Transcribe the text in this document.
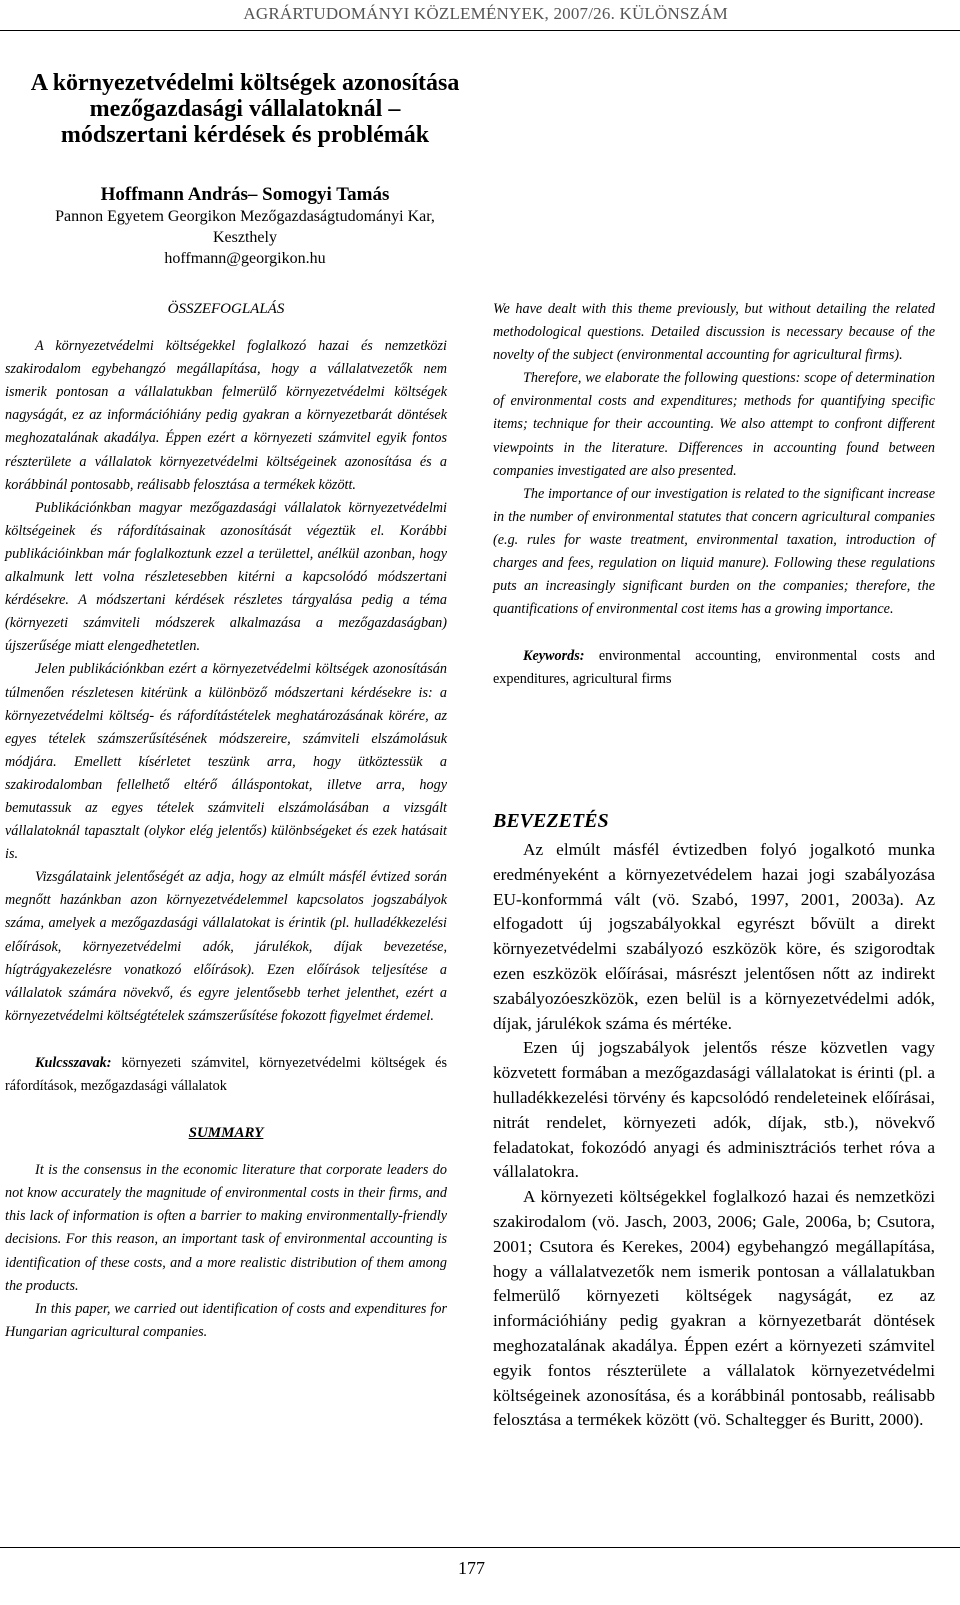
AGRÁRTUDOMÁNYI KÖZLEMÉNYEK, 2007/26. KÜLÖNSZÁM
A környezetvédelmi költségek azonosítása
mezőgazdasági vállalatoknál –
módszertani kérdések és problémák
Hoffmann András– Somogyi Tamás
Pannon Egyetem Georgikon Mezőgazdaságtudományi Kar,
Keszthely
hoffmann@georgikon.hu
ÖSSZEFOGLALÁS

A környezetvédelmi költségekkel foglalkozó hazai és nemzetközi szakirodalom egybehangzó megállapítása, hogy a vállalatvezetők nem ismerik pontosan a vállalatukban felmerülő környezetvédelmi költségek nagyságát, ez az információhiány pedig gyakran a környezetbarát döntések meghozatalának akadálya. Éppen ezért a környezeti számvitel egyik fontos részterülete a vállalatok környezetvédelmi költségeinek azonosítása és a korábbinál pontosabb, reálisabb felosztása a termékek között.

Publikációnkban magyar mezőgazdasági vállalatok környezetvédelmi költségeinek és ráfordításainak azonosítását végeztük el. Korábbi publikációinkban már foglalkoztunk ezzel a területtel, anélkül azonban, hogy alkalmunk lett volna részletesebben kitérni a kapcsolódó módszertani kérdésekre. A módszertani kérdések részletes tárgyalása pedig a téma (környezeti számviteli módszerek alkalmazása a mezőgazdaságban) újszerűsége miatt elengedhetetlen.

Jelen publikációnkban ezért a környezetvédelmi költségek azonosításán túlmenően részletesen kitérünk a különböző módszertani kérdésekre is: a környezetvédelmi költség- és ráfordítástételek meghatározásának körére, az egyes tételek számszerűsítésének módszereire, számviteli elszámolásuk módjára. Emellett kísérletet teszünk arra, hogy ütköztessük a szakirodalomban fellelhető eltérő álláspontokat, illetve arra, hogy bemutassuk az egyes tételek számviteli elszámolásában a vizsgált vállalatoknál tapasztalt (olykor elég jelentős) különbségeket és ezek hatásait is.

Vizsgálataink jelentőségét az adja, hogy az elmúlt másfél évtized során megnőtt hazánkban azon környezetvédelemmel kapcsolatos jogszabályok száma, amelyek a mezőgazdasági vállalatokat is érintik (pl. hulladékkezelési előírások, környezetvédelmi adók, járulékok, díjak bevezetése, hígtrágyakezelésre vonatkozó előírások). Ezen előírások teljesítése a vállalatok számára növekvő, és egyre jelentősebb terhet jelenthet, ezért a környezetvédelmi költségtételek számszerűsítése fokozott figyelmet érdemel.

Kulcsszavak: környezeti számvitel, környezetvédelmi költségek és ráfordítások, mezőgazdasági vállalatok

SUMMARY

It is the consensus in the economic literature that corporate leaders do not know accurately the magnitude of environmental costs in their firms, and this lack of information is often a barrier to making environmentally-friendly decisions. For this reason, an important task of environmental accounting is identification of these costs, and a more realistic distribution of them among the products.

In this paper, we carried out identification of costs and expenditures for Hungarian agricultural companies.

We have dealt with this theme previously, but without detailing the related methodological questions. Detailed discussion is necessary because of the novelty of the subject (environmental accounting for agricultural firms).

Therefore, we elaborate the following questions: scope of determination of environmental costs and expenditures; methods for quantifying specific items; technique for their accounting. We also attempt to confront different viewpoints in the literature. Differences in accounting found between companies investigated are also presented.

The importance of our investigation is related to the significant increase in the number of environmental statutes that concern agricultural companies (e.g. rules for waste treatment, environmental taxation, introduction of charges and fees, regulation on liquid manure). Following these regulations puts an increasingly significant burden on the companies; therefore, the quantifications of environmental cost items has a growing importance.

Keywords: environmental accounting, environmental costs and expenditures, agricultural firms

BEVEZETÉS

Az elmúlt másfél évtizedben folyó jogalkotó munka eredményeként a környezetvédelem hazai jogi szabályozása EU-konformmá vált (vö. Szabó, 1997, 2001, 2003a). Az elfogadott új jogszabályokkal egyrészt bővült a direkt környezetvédelmi szabályozó eszközök köre, és szigorodtak ezen eszközök előírásai, másrészt jelentősen nőtt az indirekt szabályozóeszközök, ezen belül is a környezetvédelmi adók, díjak, járulékok száma és mértéke.

Ezen új jogszabályok jelentős része közvetlen vagy közvetett formában a mezőgazdasági vállalatokat is érinti (pl. a hulladékkezelési törvény és kapcsolódó rendeleteinek előírásai, nitrát rendelet, környezeti adók, díjak, stb.), növekvő feladatokat, fokozódó anyagi és adminisztrációs terhet róva a vállalatokra.

A környezeti költségekkel foglalkozó hazai és nemzetközi szakirodalom (vö. Jasch, 2003, 2006; Gale, 2006a, b; Csutora, 2001; Csutora és Kerekes, 2004) egybehangzó megállapítása, hogy a vállalatvezetők nem ismerik pontosan a vállalatukban felmerülő környezeti költségek nagyságát, ez az információhiány pedig gyakran a környezetbarát döntések meghozatalának akadálya. Éppen ezért a környezeti számvitel egyik fontos részterülete a vállalatok környezetvédelmi költségeinek azonosítása, és a korábbinál pontosabb, reálisabb felosztása a termékek között (vö. Schaltegger és Buritt, 2000).

177
